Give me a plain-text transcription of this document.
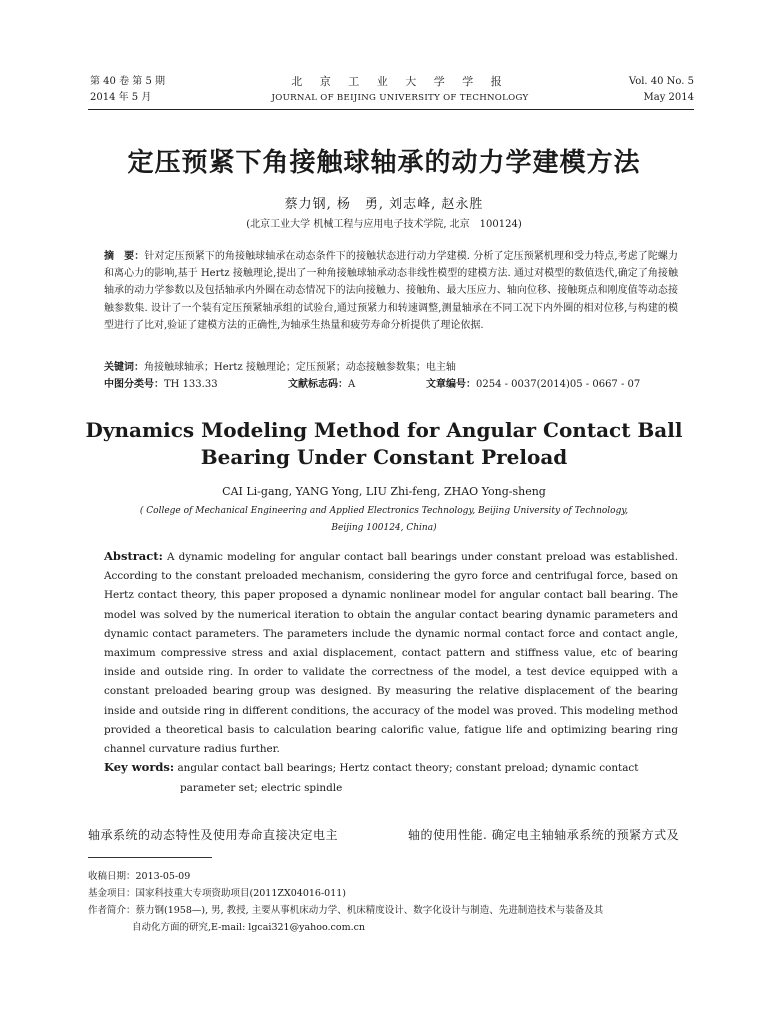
第 40 卷 第 5 期
2014 年 5 月
北 京 工 业 大 学 学 报
JOURNAL OF BEIJING UNIVERSITY OF TECHNOLOGY
Vol. 40 No. 5
May 2014
定压预紧下角接触球轴承的动力学建模方法
蔡力钢, 杨　勇, 刘志峰, 赵永胜
(北京工业大学 机械工程与应用电子技术学院, 北京　100124)
摘　要：针对定压预紧下的角接触球轴承在动态条件下的接触状态进行动力学建模. 分析了定压预紧机理和受力特点,考虑了陀螺力和离心力的影响,基于 Hertz 接触理论,提出了一种角接触球轴承动态非线性模型的建模方法. 通过对模型的数值迭代,确定了角接触轴承的动力学参数以及包括轴承内外圈在动态情况下的法向接触力、接触角、最大压应力、轴向位移、接触斑点和刚度值等动态接触参数集. 设计了一个装有定压预紧轴承组的试验台,通过预紧力和转速调整,测量轴承在不同工况下内外圈的相对位移,与构建的模型进行了比对,验证了建模方法的正确性,为轴承生热量和疲劳寿命分析提供了理论依据.
关键词：角接触球轴承；Hertz 接触理论；定压预紧；动态接触参数集；电主轴
中图分类号：TH 133.33	文献标志码：A	文章编号：0254 - 0037(2014)05 - 0667 - 07
Dynamics Modeling Method for Angular Contact Ball
Bearing Under Constant Preload
CAI Li-gang, YANG Yong, LIU Zhi-feng, ZHAO Yong-sheng
( College of Mechanical Engineering and Applied Electronics Technology, Beijing University of Technology,
Beijing 100124, China)
Abstract: A dynamic modeling for angular contact ball bearings under constant preload was established. According to the constant preloaded mechanism, considering the gyro force and centrifugal force, based on Hertz contact theory, this paper proposed a dynamic nonlinear model for angular contact ball bearing. The model was solved by the numerical iteration to obtain the angular contact bearing dynamic parameters and dynamic contact parameters. The parameters include the dynamic normal contact force and contact angle, maximum compressive stress and axial displacement, contact pattern and stiffness value, etc of bearing inside and outside ring. In order to validate the correctness of the model, a test device equipped with a constant preloaded bearing group was designed. By measuring the relative displacement of the bearing inside and outside ring in different conditions, the accuracy of the model was proved. This modeling method provided a theoretical basis to calculation bearing calorific value, fatigue life and optimizing bearing ring channel curvature radius further.
Key words: angular contact ball bearings; Hertz contact theory; constant preload; dynamic contact
parameter set; electric spindle
轴承系统的动态特性及使用寿命直接决定电主	轴的使用性能. 确定电主轴轴承系统的预紧方式及
收稿日期：2013-05-09
基金项目：国家科技重大专项资助项目(2011ZX04016-011)
作者简介：蔡力钢(1958—), 男, 教授, 主要从事机床动力学、机床精度设计、数字化设计与制造、先进制造技术与装备及其
自动化方面的研究,E-mail: lgcai321@yahoo.com.cn
